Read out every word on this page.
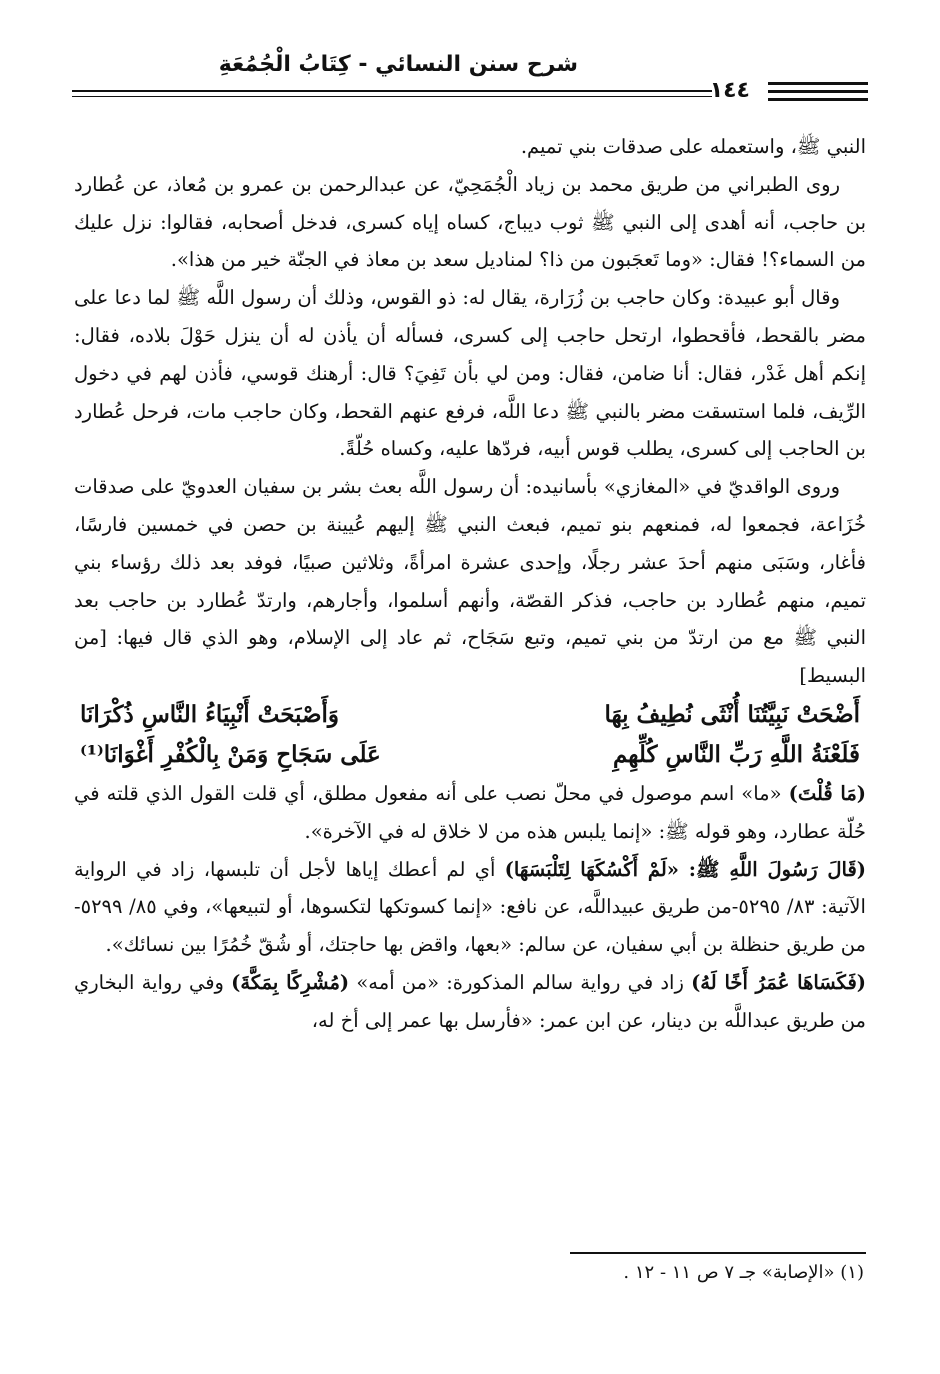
شرح سنن النسائي - كِتَابُ الْجُمُعَةِ
١٤٤

النبي ﷺ، واستعمله على صدقات بني تميم.

روى الطبراني من طريق محمد بن زياد الْجُمَحِيّ، عن عبدالرحمن بن عمرو بن مُعاذ، عن عُطارد بن حاجب، أنه أهدى إلى النبي ﷺ ثوب ديباج، كساه إياه كسرى، فدخل أصحابه، فقالوا: نزل عليك من السماء؟! فقال: «وما تَعجَبون من ذا؟ لمناديل سعد بن معاذ في الجنّة خير من هذا».

وقال أبو عبيدة: وكان حاجب بن زُرَارة، يقال له: ذو القوس، وذلك أن رسول اللَّه ﷺ لما دعا على مضر بالقحط، فأقحطوا، ارتحل حاجب إلى كسرى، فسأله أن يأذن له أن ينزل حَوْلَ بلاده، فقال: إنكم أهل غَدْر، فقال: أنا ضامن، فقال: ومن لي بأن تَفِيَ؟ قال: أرهنك قوسي، فأذن لهم في دخول الرِّيف، فلما استسقت مضر بالنبي ﷺ دعا اللَّه، فرفع عنهم القحط، وكان حاجب مات، فرحل عُطارد بن الحاجب إلى كسرى، يطلب قوس أبيه، فردّها عليه، وكساه حُلّةً.

وروى الواقديّ في «المغازي» بأسانيده: أن رسول اللَّه بعث بشر بن سفيان العدويّ على صدقات خُزَاعة، فجمعوا له، فمنعهم بنو تميم، فبعث النبي ﷺ إليهم عُيينة بن حصن في خمسين فارسًا، فأغار، وسَبَى منهم أحدَ عشر رجلًا، وإحدى عشرة امرأةً، وثلاثين صبيًا، فوفد بعد ذلك رؤساء بني تميم، منهم عُطارد بن حاجب، فذكر القصّة، وأنهم أسلموا، وأجارهم، وارتدّ عُطارد بن حاجب بعد النبي ﷺ مع من ارتدّ من بني تميم، وتبع سَجَاح، ثم عاد إلى الإسلام، وهو الذي قال فيها: [من البسيط]

أَضْحَتْ نَبِيَّتُنَا أُنْثَى نُطِيفُ بِهَا
وَأَصْبَحَتْ أَنْبِيَاءُ النَّاسِ ذُكْرَانَا
فَلَعْنَةُ اللَّهِ رَبِّ النَّاسِ كُلِّهِمِ
عَلَى سَجَاحِ وَمَنْ بِالْكُفْرِ أَغْوَانَا⁽¹⁾

(مَا قُلْتَ) «ما» اسم موصول في محلّ نصب على أنه مفعول مطلق، أي قلت القول الذي قلته في حُلّة عطارد، وهو قوله ﷺ: «إنما يلبس هذه من لا خلاق له في الآخرة».

(قَالَ رَسُولَ اللَّهِ ﷺ: «لَمْ أَكْسُكَهَا لِتَلْبَسَهَا) أي لم أعطك إياها لأجل أن تلبسها، زاد في الرواية الآتية: ٨٣/ ٥٢٩٥-من طريق عبيداللَّه، عن نافع: «إنما كسوتكها لتكسوها، أو لتبيعها»، وفي ٨٥/ ٥٢٩٩- من طريق حنظلة بن أبي سفيان، عن سالم: «بعها، واقض بها حاجتك، أو شُقّ خُمُرًا بين نسائك».

(فَكَسَاهَا عُمَرُ أَخًا لَهُ) زاد في رواية سالم المذكورة: «من أمه» (مُشْرِكًا بِمَكَّةَ) وفي رواية البخاري من طريق عبداللَّه بن دينار، عن ابن عمر: «فأرسل بها عمر إلى أخ له،

(١) «الإصابة» جـ ٧ ص ١١ - ١٢ .
